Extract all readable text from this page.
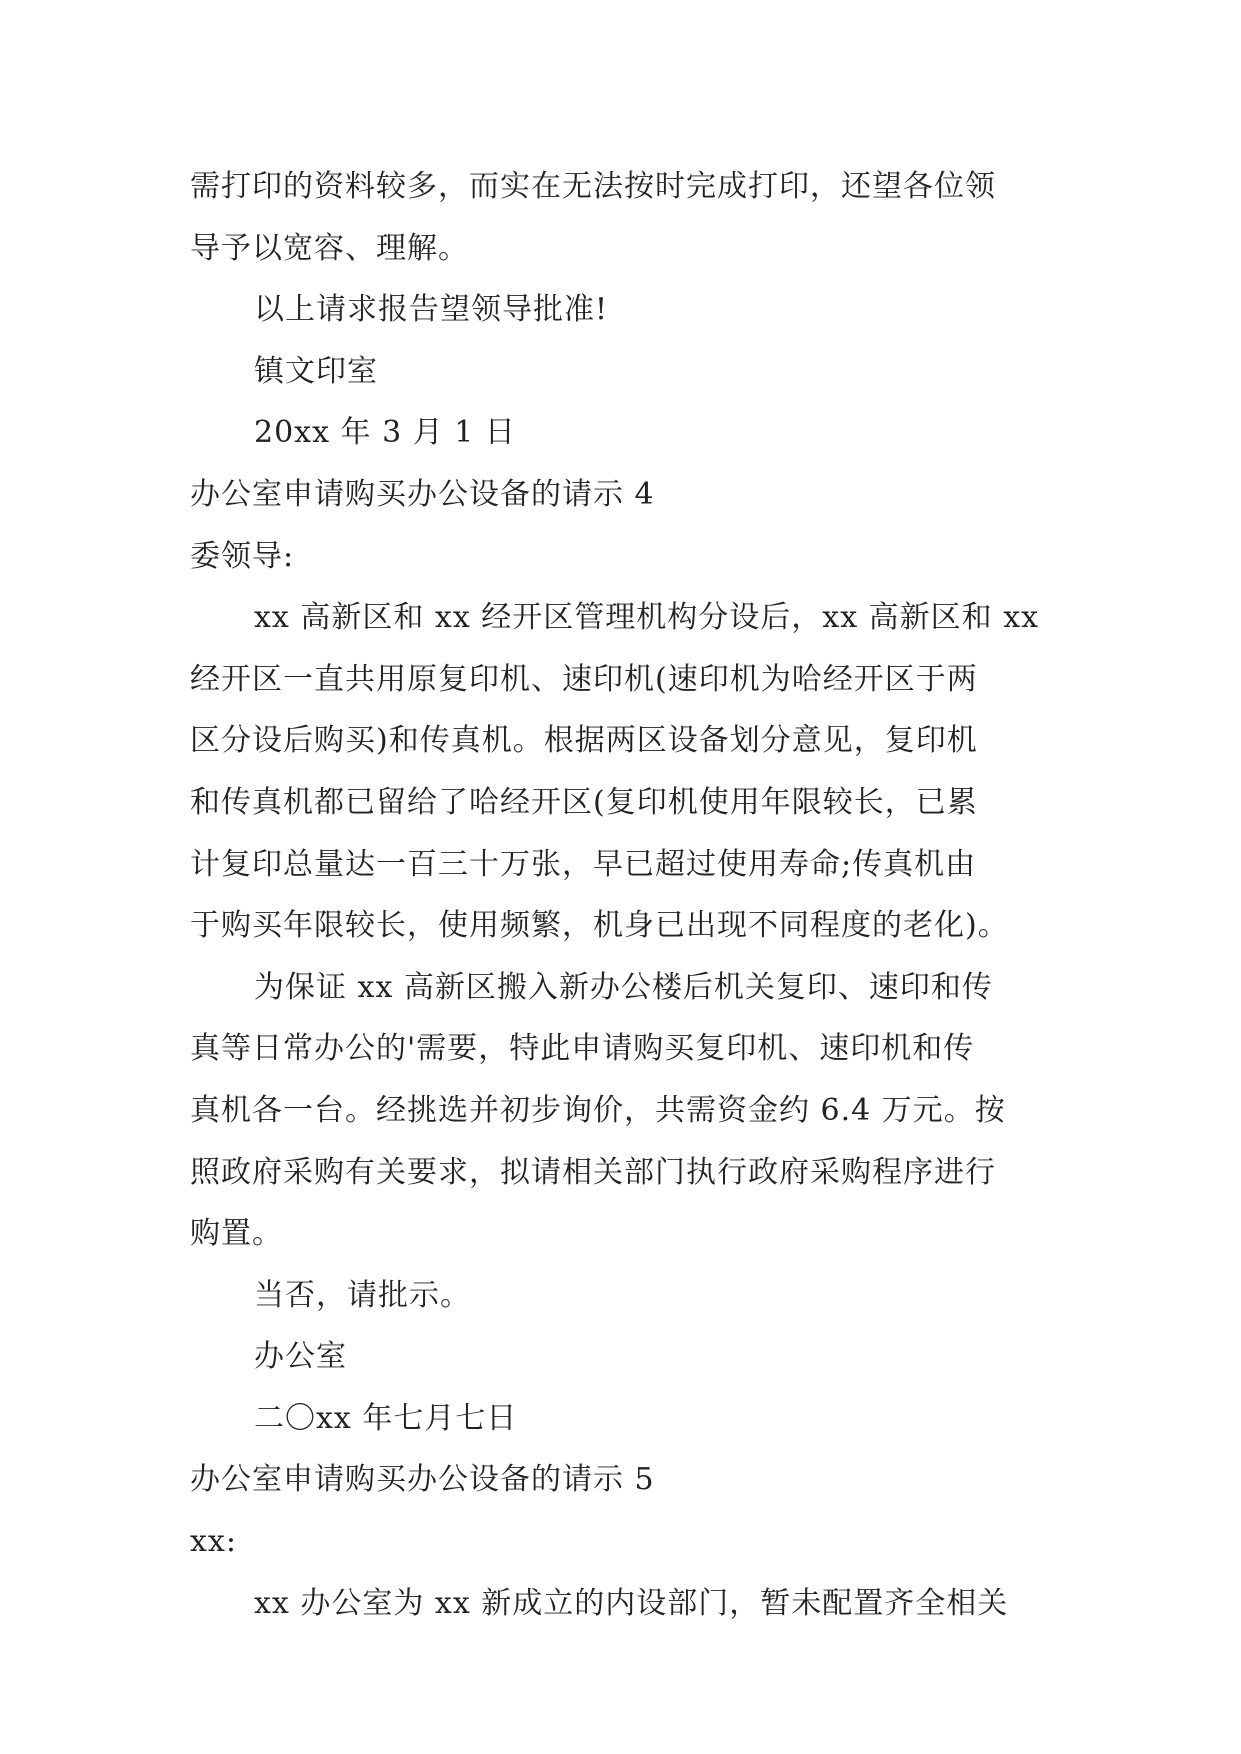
需打印的资料较多，而实在无法按时完成打印，还望各位领
导予以宽容、理解。
以上请求报告望领导批准!
镇文印室
20xx 年 3 月 1 日
办公室申请购买办公设备的请示 4
委领导:
xx 高新区和 xx 经开区管理机构分设后，xx 高新区和 xx
经开区一直共用原复印机、速印机(速印机为哈经开区于两
区分设后购买)和传真机。根据两区设备划分意见，复印机
和传真机都已留给了哈经开区(复印机使用年限较长，已累
计复印总量达一百三十万张，早已超过使用寿命;传真机由
于购买年限较长，使用频繁，机身已出现不同程度的老化)。
为保证 xx 高新区搬入新办公楼后机关复印、速印和传
真等日常办公的'需要，特此申请购买复印机、速印机和传
真机各一台。经挑选并初步询价，共需资金约 6.4 万元。按
照政府采购有关要求，拟请相关部门执行政府采购程序进行
购置。
当否，请批示。
办公室
二〇xx 年七月七日
办公室申请购买办公设备的请示 5
xx:
xx 办公室为 xx 新成立的内设部门，暂未配置齐全相关
